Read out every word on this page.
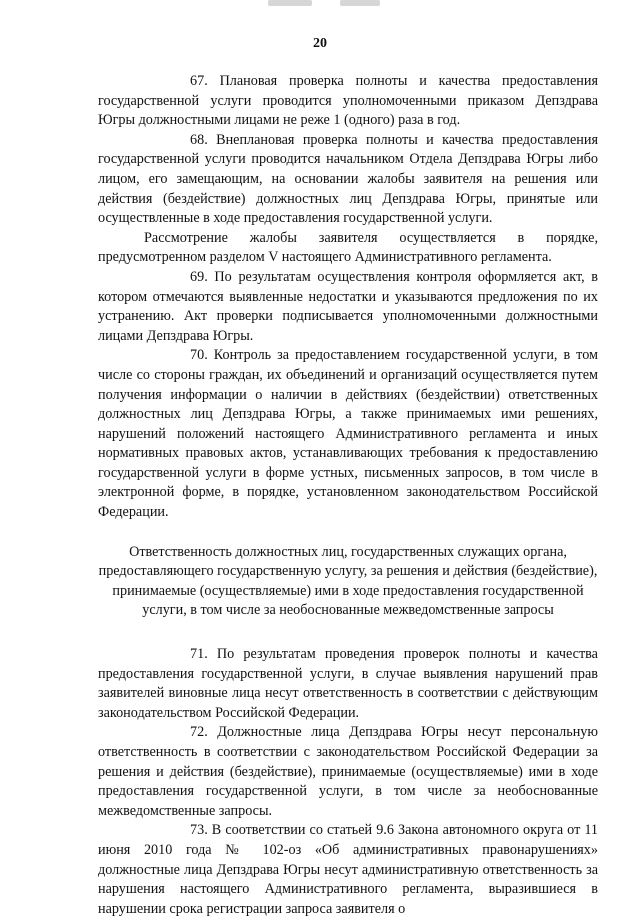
20

67. Плановая проверка полноты и качества предоставления государственной услуги проводится уполномоченными приказом Депздрава Югры должностными лицами не реже 1 (одного) раза в год.

68. Внеплановая проверка полноты и качества предоставления государственной услуги проводится начальником Отдела Депздрава Югры либо лицом, его замещающим, на основании жалобы заявителя на решения или действия (бездействие) должностных лиц Депздрава Югры, принятые или осуществленные в ходе предоставления государственной услуги.

Рассмотрение жалобы заявителя осуществляется в порядке, предусмотренном разделом V настоящего Административного регламента.

69. По результатам осуществления контроля оформляется акт, в котором отмечаются выявленные недостатки и указываются предложения по их устранению. Акт проверки подписывается уполномоченными должностными лицами Депздрава Югры.

70. Контроль за предоставлением государственной услуги, в том числе со стороны граждан, их объединений и организаций осуществляется путем получения информации о наличии в действиях (бездействии) ответственных должностных лиц Депздрава Югры, а также принимаемых ими решениях, нарушений положений настоящего Административного регламента и иных нормативных правовых актов, устанавливающих требования к предоставлению государственной услуги в форме устных, письменных запросов, в том числе в электронной форме, в порядке, установленном законодательством Российской Федерации.

Ответственность должностных лиц, государственных служащих органа, предоставляющего государственную услугу, за решения и действия (бездействие), принимаемые (осуществляемые) ими в ходе предоставления государственной услуги, в том числе за необоснованные межведомственные запросы

71. По результатам проведения проверок полноты и качества предоставления государственной услуги, в случае выявления нарушений прав заявителей виновные лица несут ответственность в соответствии с действующим законодательством Российской Федерации.

72. Должностные лица Депздрава Югры несут персональную ответственность в соответствии с законодательством Российской Федерации за решения и действия (бездействие), принимаемые (осуществляемые) ими в ходе предоставления государственной услуги, в том числе за необоснованные межведомственные запросы.

73. В соответствии со статьей 9.6 Закона автономного округа от 11 июня 2010 года № 102-оз «Об административных правонарушениях» должностные лица Депздрава Югры несут административную ответственность за нарушения настоящего Административного регламента, выразившиеся в нарушении срока регистрации запроса заявителя о
